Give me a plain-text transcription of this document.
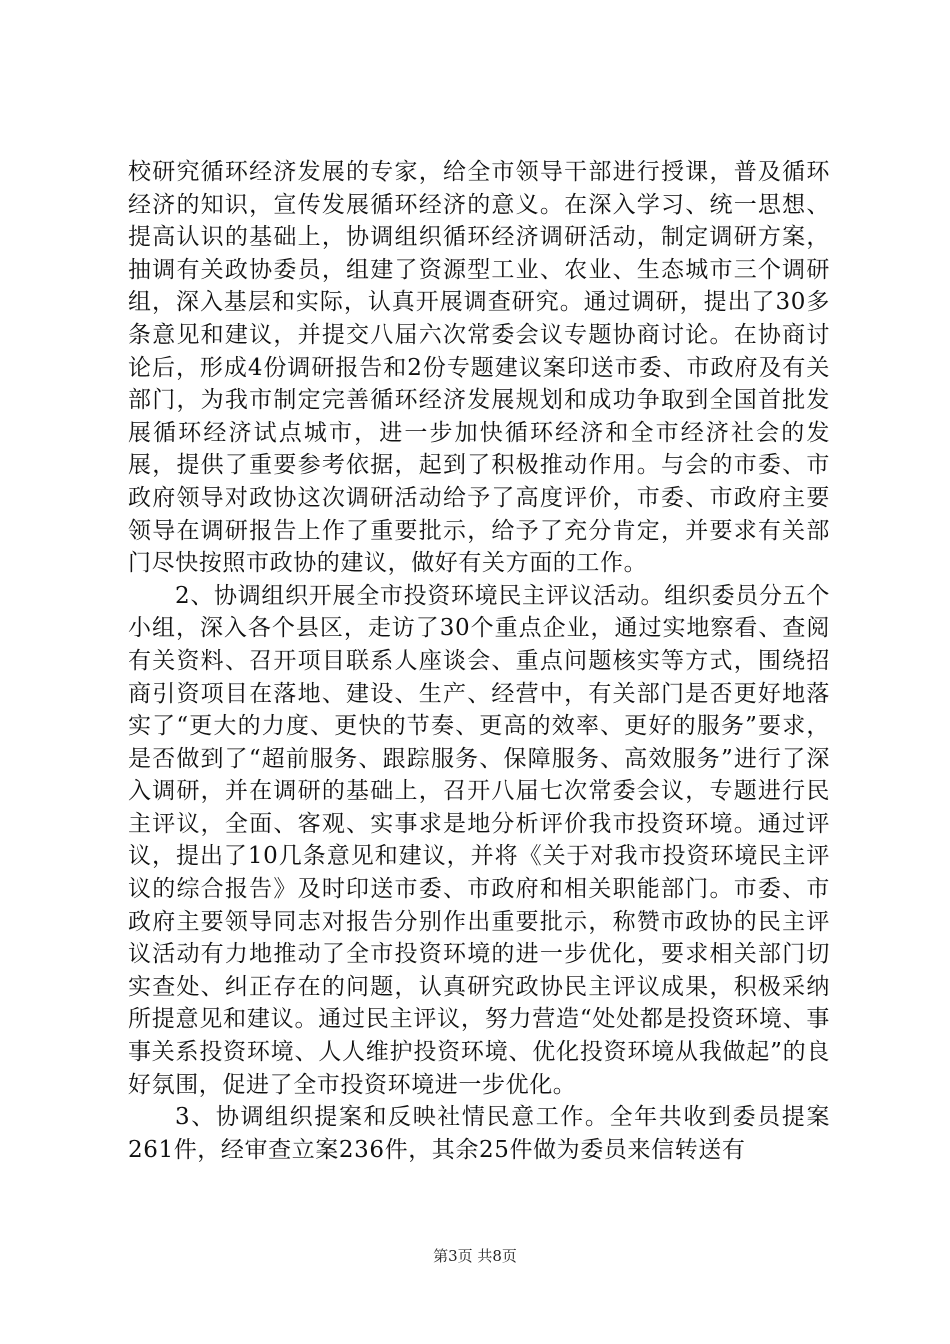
校研究循环经济发展的专家，给全市领导干部进行授课，普及循环经济的知识，宣传发展循环经济的意义。在深入学习、统一思想、提高认识的基础上，协调组织循环经济调研活动，制定调研方案，抽调有关政协委员，组建了资源型工业、农业、生态城市三个调研组，深入基层和实际，认真开展调查研究。通过调研，提出了30多条意见和建议，并提交八届六次常委会议专题协商讨论。在协商讨论后，形成4份调研报告和2份专题建议案印送市委、市政府及有关部门，为我市制定完善循环经济发展规划和成功争取到全国首批发展循环经济试点城市，进一步加快循环经济和全市经济社会的发展，提供了重要参考依据，起到了积极推动作用。与会的市委、市政府领导对政协这次调研活动给予了高度评价，市委、市政府主要领导在调研报告上作了重要批示，给予了充分肯定，并要求有关部门尽快按照市政协的建议，做好有关方面的工作。

2、协调组织开展全市投资环境民主评议活动。组织委员分五个小组，深入各个县区，走访了30个重点企业，通过实地察看、查阅有关资料、召开项目联系人座谈会、重点问题核实等方式，围绕招商引资项目在落地、建设、生产、经营中，有关部门是否更好地落实了“更大的力度、更快的节奏、更高的效率、更好的服务”要求，是否做到了“超前服务、跟踪服务、保障服务、高效服务”进行了深入调研，并在调研的基础上，召开八届七次常委会议，专题进行民主评议，全面、客观、实事求是地分析评价我市投资环境。通过评议，提出了10几条意见和建议，并将《关于对我市投资环境民主评议的综合报告》及时印送市委、市政府和相关职能部门。市委、市政府主要领导同志对报告分别作出重要批示，称赞市政协的民主评议活动有力地推动了全市投资环境的进一步优化，要求相关部门切实查处、纠正存在的问题，认真研究政协民主评议成果，积极采纳所提意见和建议。通过民主评议，努力营造“处处都是投资环境、事事关系投资环境、人人维护投资环境、优化投资环境从我做起”的良好氛围，促进了全市投资环境进一步优化。

3、协调组织提案和反映社情民意工作。全年共收到委员提案261件，经审查立案236件，其余25件做为委员来信转送有

第3页 共8页
